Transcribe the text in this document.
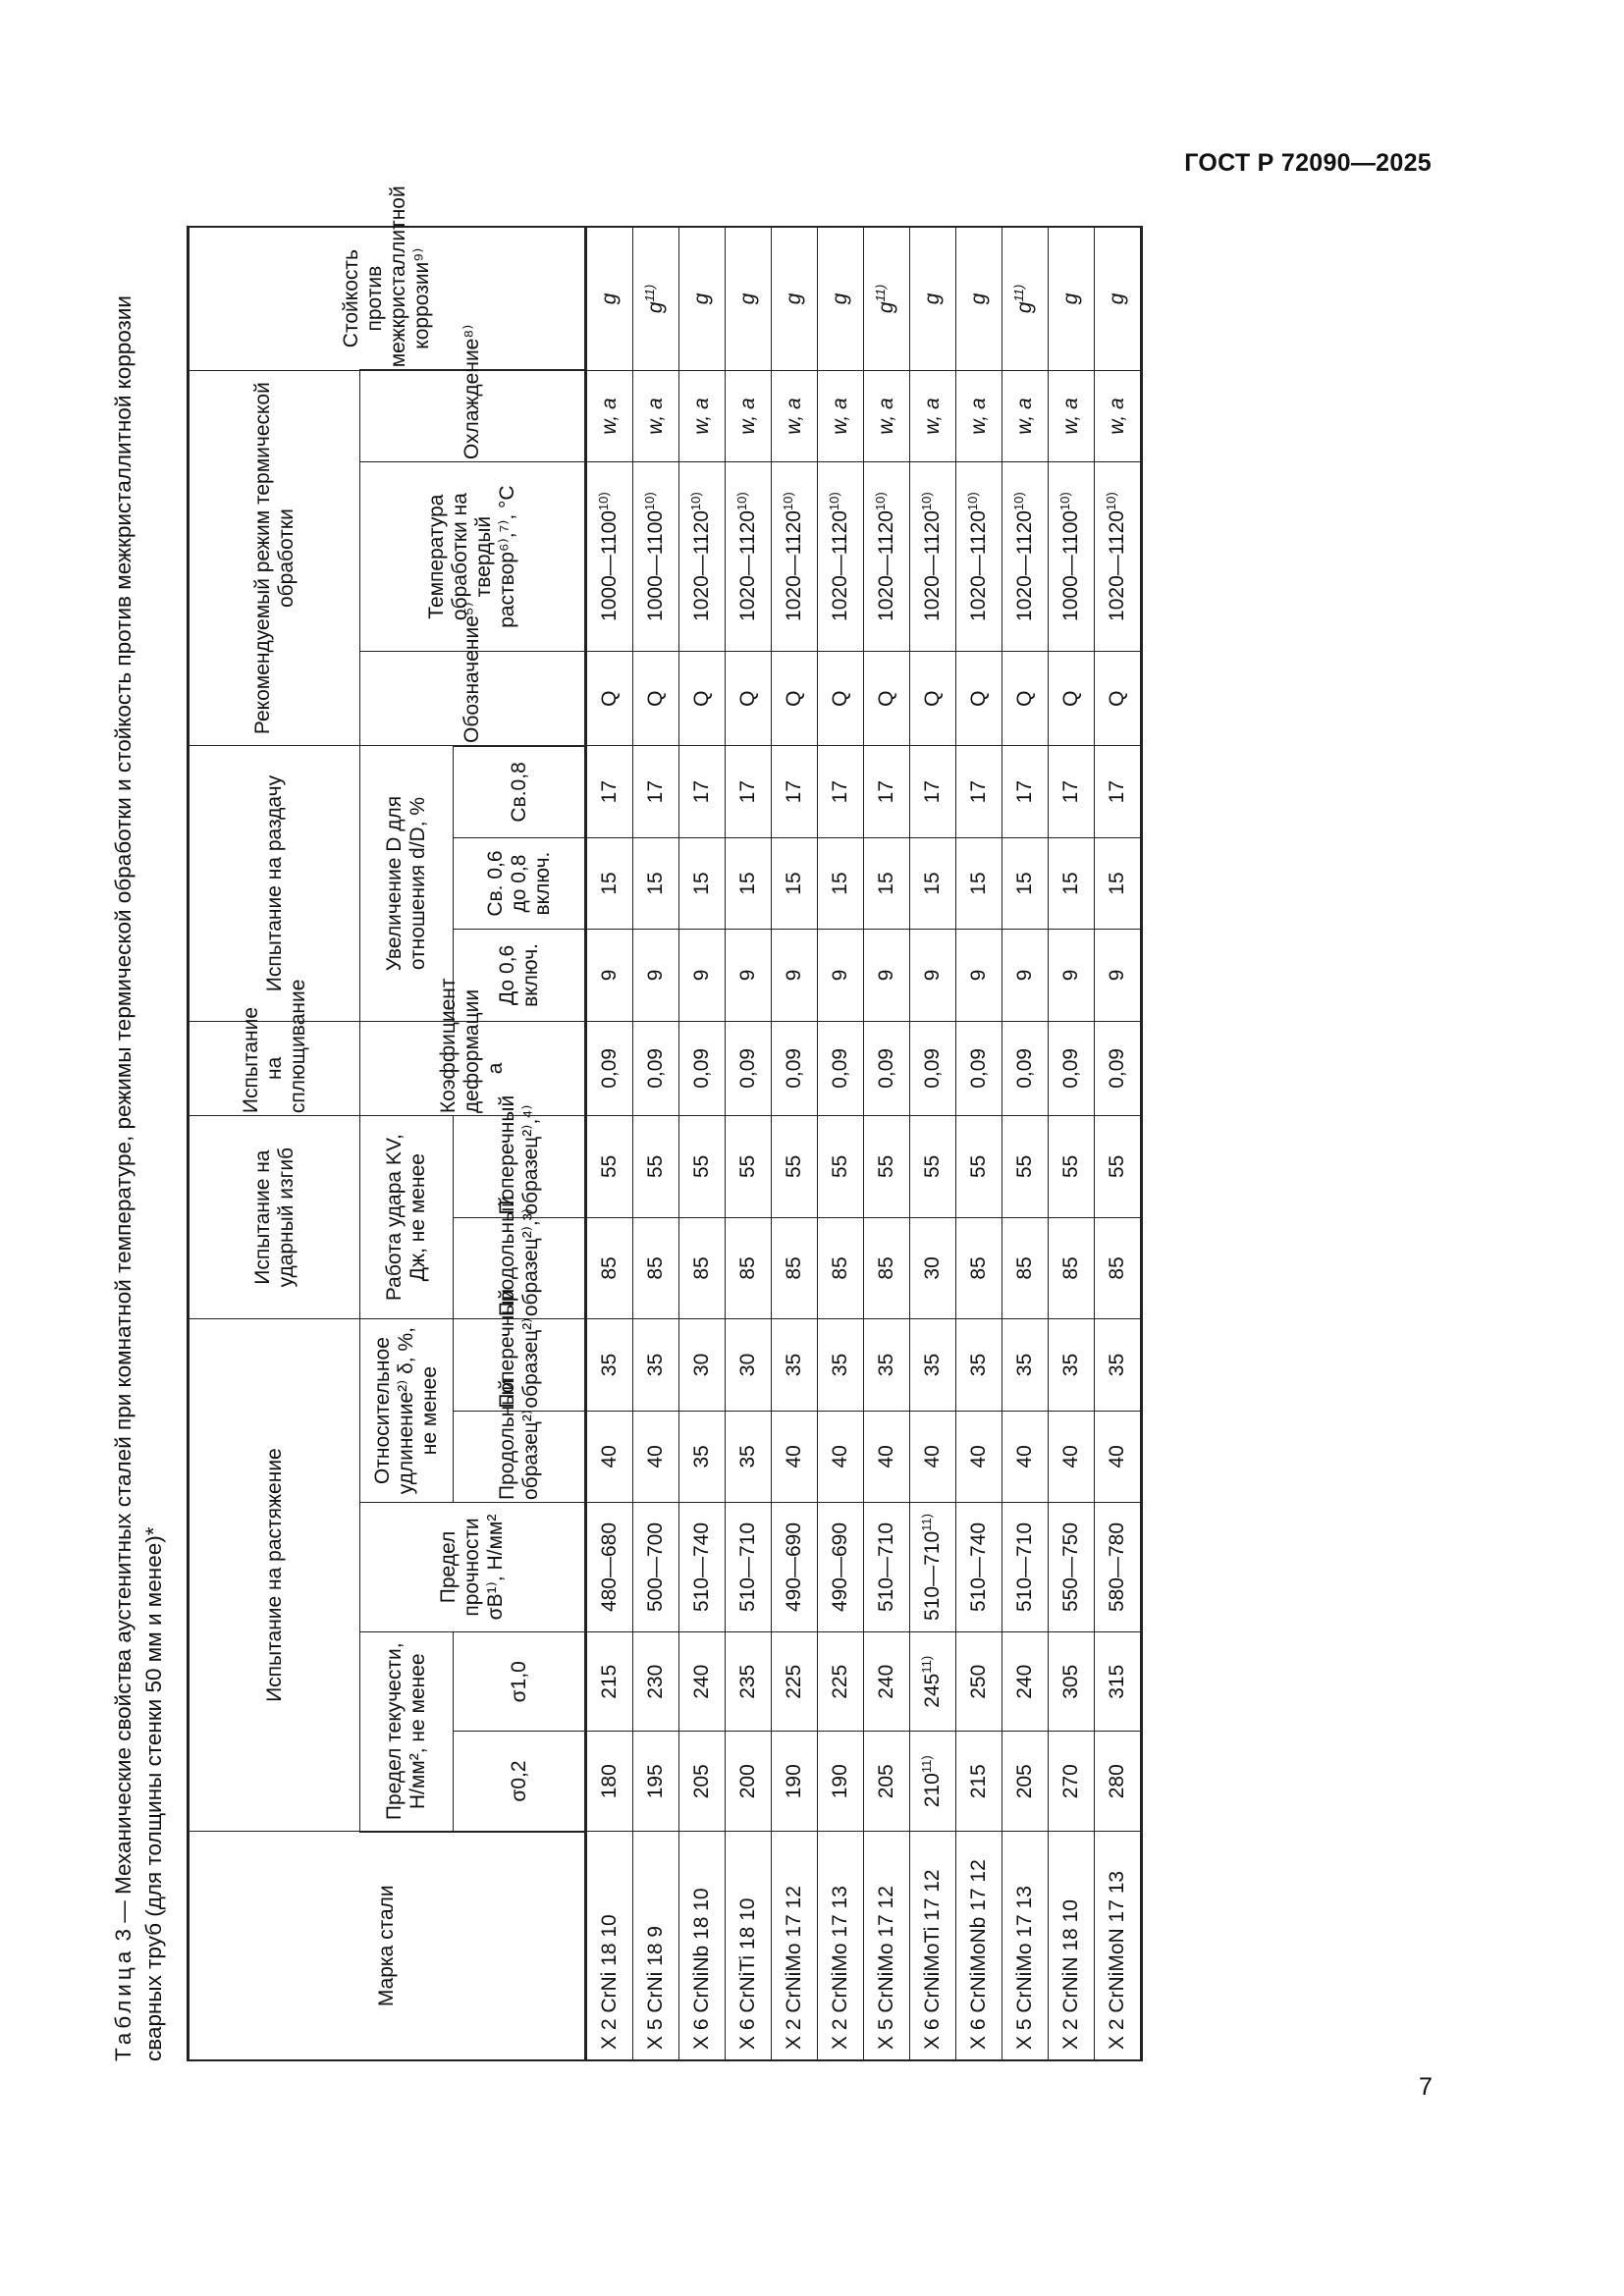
ГОСТ Р 72090—2025
Таблица 3 — Механические свойства аустенитных сталей при комнатной температуре, режимы термической обработки и стойкость против межкристаллитной коррозии сварных труб (для толщины стенки 50 мм и менее)*	Марка стали	Испытание на растяжение					Испытание на ударный изгиб		Испытание на сплющивание	Испытание на раздачу			Рекомендуемый режим термической обработки			Стойкость против межкристаллитной коррозии⁹⁾
	Предел текучести, Н/мм², не менее		Предел прочности σB¹⁾, Н/мм²	Относительное удлинение²⁾ δ, %, не менее		Работа удара KV, Дж, не менее		Коэффициент деформации a	Увеличение D для отношения d/D, %			Обозначение⁵⁾	Температура обработки на твердый раствор⁶⁾,⁷⁾, °C	Охлаждение⁸⁾	
	σ0,2	σ1,0		Продольный образец²⁾	Поперечный образец²⁾	Продольный образец²⁾,³⁾	Поперечный образец²⁾,⁴⁾		До 0,6 включ.	Св. 0,6 до 0,8 включ.	Св.0,8				
X 2 CrNi 18 10	180	215	480—680	40	35	85	55	0,09	9	15	17	Q	1000—1100$^{10)}$	w, a	g
X 5 CrNi 18 9	195	230	500—700	40	35	85	55	0,09	9	15	17	Q	1000—1100$^{10)}$	w, a	$g^{11)}$
X 6 CrNiNb 18 10	205	240	510—740	35	30	85	55	0,09	9	15	17	Q	1020—1120$^{10)}$	w, a	g
X 6 CrNiTi 18 10	200	235	510—710	35	30	85	55	0,09	9	15	17	Q	1020—1120$^{10)}$	w, a	g
X 2 CrNiMo 17 12	190	225	490—690	40	35	85	55	0,09	9	15	17	Q	1020—1120$^{10)}$	w, a	g
X 2 CrNiMo 17 13	190	225	490—690	40	35	85	55	0,09	9	15	17	Q	1020—1120$^{10)}$	w, a	g
X 5 CrNiMo 17 12	205	240	510—710	40	35	85	55	0,09	9	15	17	Q	1020—1120$^{10)}$	w, a	$g^{11)}$
X 6 CrNiMoTi 17 12	210$^{11)}$	245$^{11)}$	510—710$^{11)}$	40	35	30	55	0,09	9	15	17	Q	1020—1120$^{10)}$	w, a	g
X 6 CrNiMoNb 17 12	215	250	510—740	40	35	85	55	0,09	9	15	17	Q	1020—1120$^{10)}$	w, a	g
X 5 CrNiMo 17 13	205	240	510—710	40	35	85	55	0,09	9	15	17	Q	1020—1120$^{10)}$	w, a	$g^{11)}$
X 2 CrNiN 18 10	270	305	550—750	40	35	85	55	0,09	9	15	17	Q	1000—1100$^{10)}$	w, a	g
X 2 CrNiMoN 17 13	280	315	580—780	40	35	85	55	0,09	9	15	17	Q	1020—1120$^{10)}$	w, a	g
7
